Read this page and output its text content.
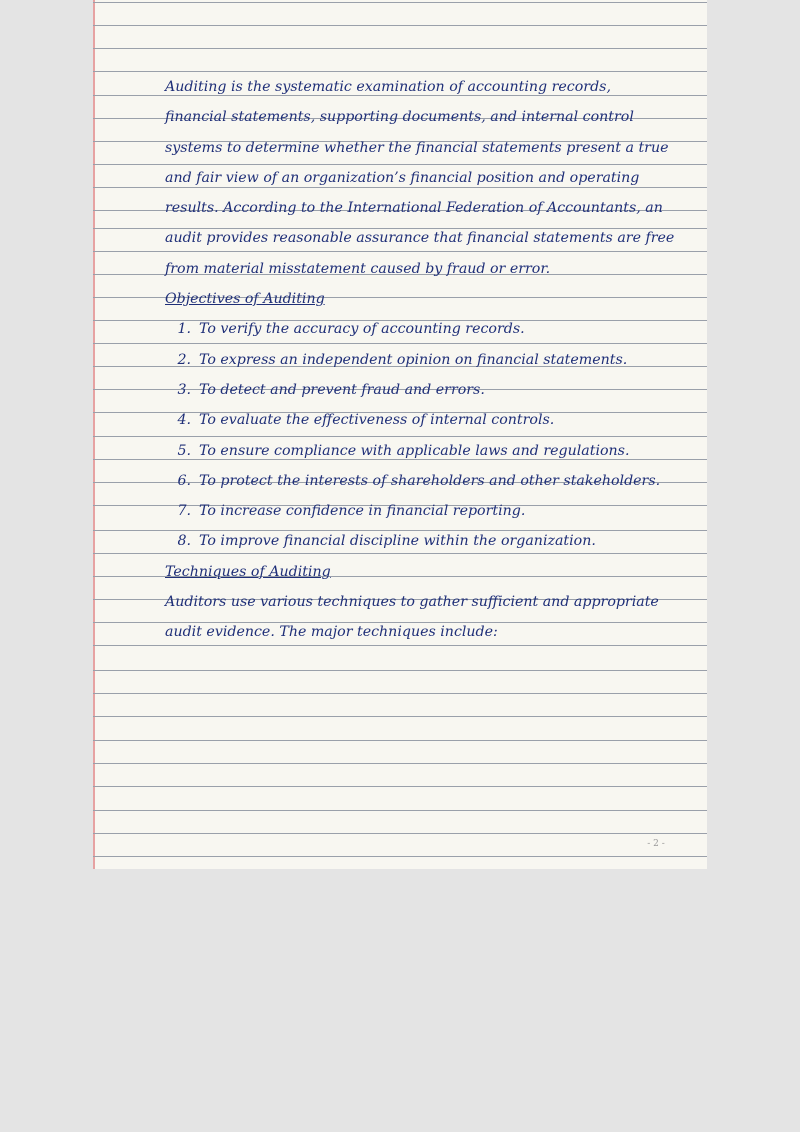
Auditing is the systematic examination of accounting records, financial statements, supporting documents, and internal control systems to determine whether the financial statements present a true and fair view of an organization’s financial position and operating results. According to the International Federation of Accountants, an audit provides reasonable assurance that financial statements are free from material misstatement caused by fraud or error.

Objectives of Auditing

1. To verify the accuracy of accounting records.
2. To express an independent opinion on financial statements.
3. To detect and prevent fraud and errors.
4. To evaluate the effectiveness of internal controls.
5. To ensure compliance with applicable laws and regulations.
6. To protect the interests of shareholders and other stakeholders.
7. To increase confidence in financial reporting.
8. To improve financial discipline within the organization.

Techniques of Auditing

Auditors use various techniques to gather sufficient and appropriate audit evidence. The major techniques include:

- 2 -
